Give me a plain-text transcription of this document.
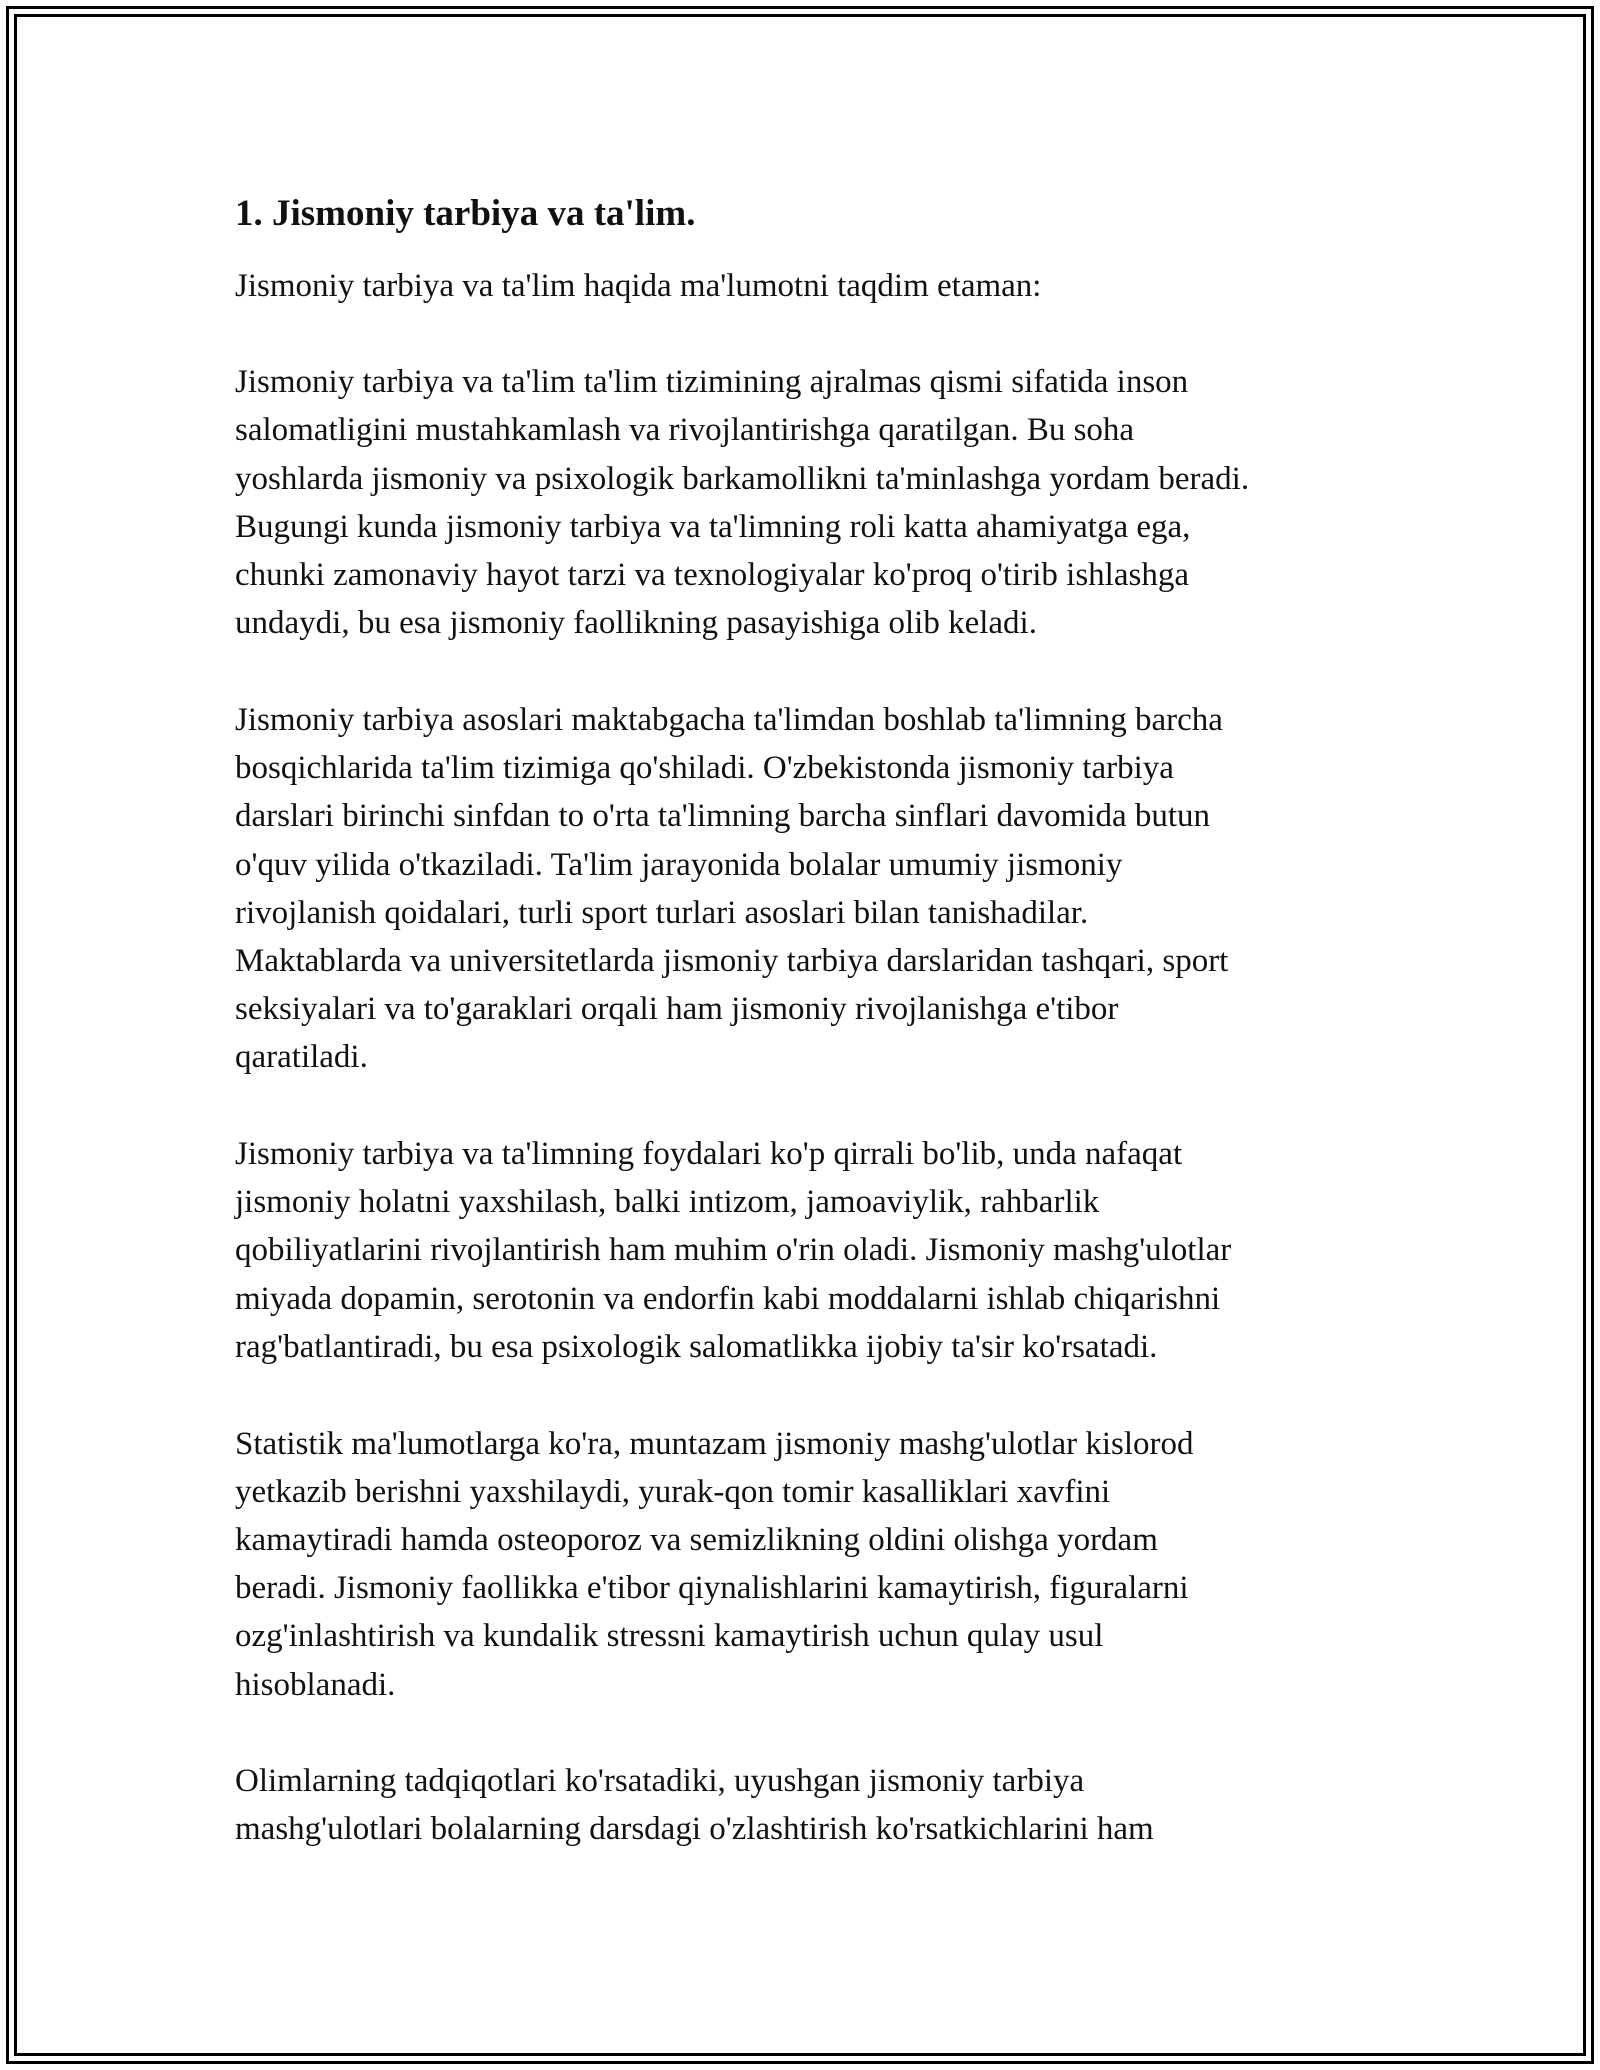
1. Jismoniy tarbiya va ta'lim.

Jismoniy tarbiya va ta'lim haqida ma'lumotni taqdim etaman:

Jismoniy tarbiya va ta'lim ta'lim tizimining ajralmas qismi sifatida inson
salomatligini mustahkamlash va rivojlantirishga qaratilgan. Bu soha
yoshlarda jismoniy va psixologik barkamollikni ta'minlashga yordam beradi.
Bugungi kunda jismoniy tarbiya va ta'limning roli katta ahamiyatga ega,
chunki zamonaviy hayot tarzi va texnologiyalar ko'proq o'tirib ishlashga
undaydi, bu esa jismoniy faollikning pasayishiga olib keladi.
Jismoniy tarbiya asoslari maktabgacha ta'limdan boshlab ta'limning barcha
bosqichlarida ta'lim tizimiga qo'shiladi. O'zbekistonda jismoniy tarbiya
darslari birinchi sinfdan to o'rta ta'limning barcha sinflari davomida butun
o'quv yilida o'tkaziladi. Ta'lim jarayonida bolalar umumiy jismoniy
rivojlanish qoidalari, turli sport turlari asoslari bilan tanishadilar.
Maktablarda va universitetlarda jismoniy tarbiya darslaridan tashqari, sport
seksiyalari va to'garaklari orqali ham jismoniy rivojlanishga e'tibor
qaratiladi.
Jismoniy tarbiya va ta'limning foydalari ko'p qirrali bo'lib, unda nafaqat
jismoniy holatni yaxshilash, balki intizom, jamoaviylik, rahbarlik
qobiliyatlarini rivojlantirish ham muhim o'rin oladi. Jismoniy mashg'ulotlar
miyada dopamin, serotonin va endorfin kabi moddalarni ishlab chiqarishni
rag'batlantiradi, bu esa psixologik salomatlikka ijobiy ta'sir ko'rsatadi.
Statistik ma'lumotlarga ko'ra, muntazam jismoniy mashg'ulotlar kislorod
yetkazib berishni yaxshilaydi, yurak-qon tomir kasalliklari xavfini
kamaytiradi hamda osteoporoz va semizlikning oldini olishga yordam
beradi. Jismoniy faollikka e'tibor qiynalishlarini kamaytirish, figuralarni
ozg'inlashtirish va kundalik stressni kamaytirish uchun qulay usul
hisoblanadi.
Olimlarning tadqiqotlari ko'rsatadiki, uyushgan jismoniy tarbiya
mashg'ulotlari bolalarning darsdagi o'zlashtirish ko'rsatkichlarini ham
